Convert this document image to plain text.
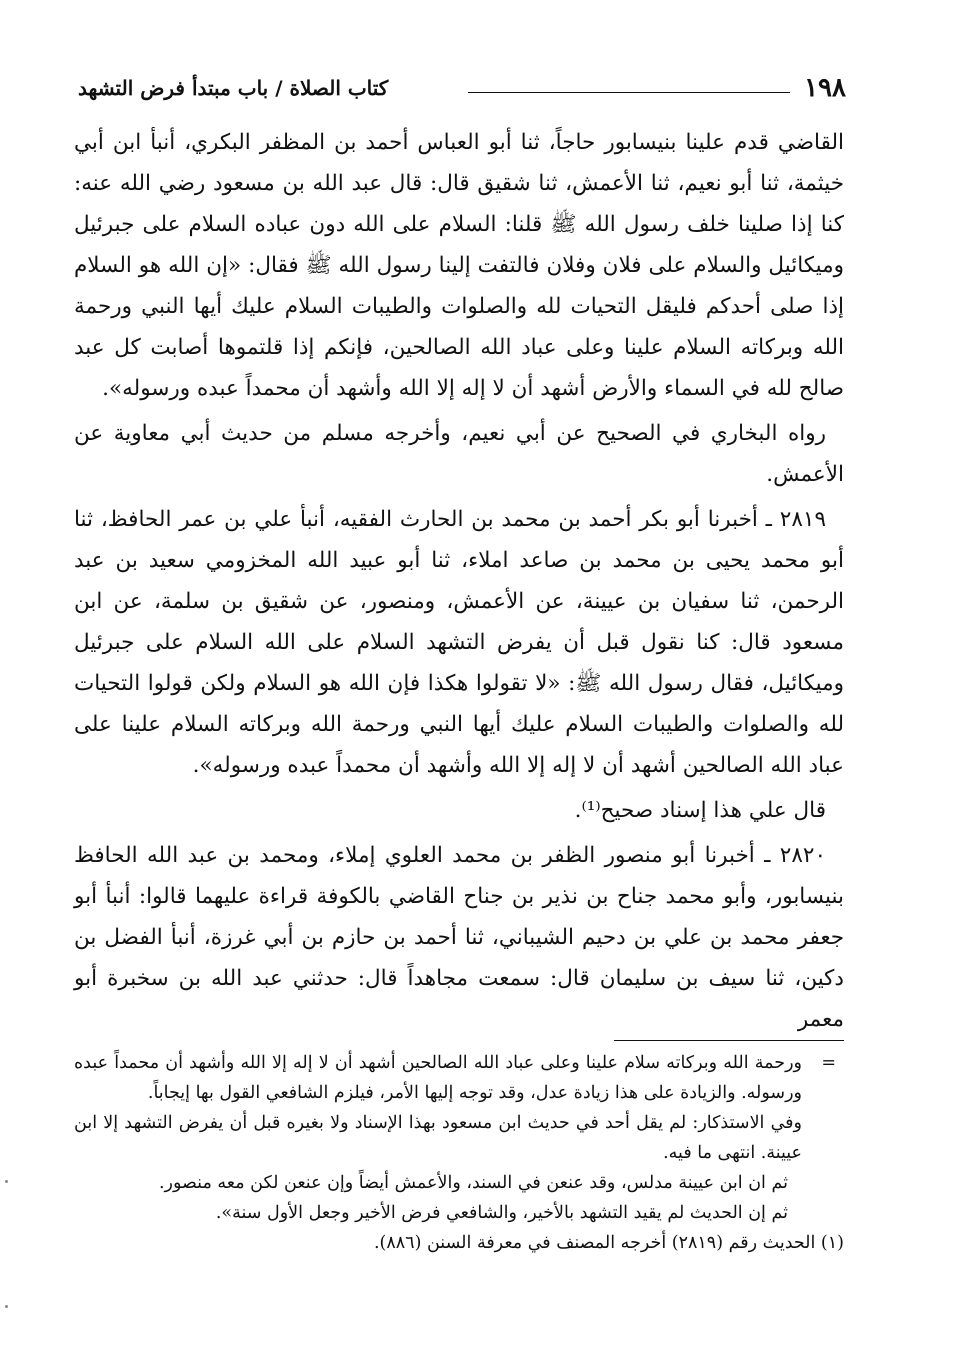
١٩٨
كتاب الصلاة / باب مبتدأ فرض التشهد

القاضي قدم علينا بنيسابور حاجاً، ثنا أبو العباس أحمد بن المظفر البكري، أنبأ ابن أبي خيثمة، ثنا أبو نعيم، ثنا الأعمش، ثنا شقيق قال: قال عبد الله بن مسعود رضي الله عنه: كنا إذا صلينا خلف رسول الله ﷺ قلنا: السلام على الله دون عباده السلام على جبرئيل وميكائيل والسلام على فلان وفلان فالتفت إلينا رسول الله ﷺ فقال: «إن الله هو السلام إذا صلى أحدكم فليقل التحيات لله والصلوات والطيبات السلام عليك أيها النبي ورحمة الله وبركاته السلام علينا وعلى عباد الله الصالحين، فإنكم إذا قلتموها أصابت كل عبد صالح لله في السماء والأرض أشهد أن لا إله إلا الله وأشهد أن محمداً عبده ورسوله».

رواه البخاري في الصحيح عن أبي نعيم، وأخرجه مسلم من حديث أبي معاوية عن الأعمش.

٢٨١٩ ـ أخبرنا أبو بكر أحمد بن محمد بن الحارث الفقيه، أنبأ علي بن عمر الحافظ، ثنا أبو محمد يحيى بن محمد بن صاعد املاء، ثنا أبو عبيد الله المخزومي سعيد بن عبد الرحمن، ثنا سفيان بن عيينة، عن الأعمش، ومنصور، عن شقيق بن سلمة، عن ابن مسعود قال: كنا نقول قبل أن يفرض التشهد السلام على الله السلام على جبرئيل وميكائيل، فقال رسول الله ﷺ: «لا تقولوا هكذا فإن الله هو السلام ولكن قولوا التحيات لله والصلوات والطيبات السلام عليك أيها النبي ورحمة الله وبركاته السلام علينا على عباد الله الصالحين أشهد أن لا إله إلا الله وأشهد أن محمداً عبده ورسوله».

قال علي هذا إسناد صحيح⁽¹⁾.

٢٨٢٠ ـ أخبرنا أبو منصور الظفر بن محمد العلوي إملاء، ومحمد بن عبد الله الحافظ بنيسابور، وأبو محمد جناح بن نذير بن جناح القاضي بالكوفة قراءة عليهما قالوا: أنبأ أبو جعفر محمد بن علي بن دحيم الشيباني، ثنا أحمد بن حازم بن أبي غرزة، أنبأ الفضل بن دكين، ثنا سيف بن سليمان قال: سمعت مجاهداً قال: حدثني عبد الله بن سخبرة أبو معمر

=
ورحمة الله وبركاته سلام علينا وعلى عباد الله الصالحين أشهد أن لا إله إلا الله وأشهد أن محمداً عبده ورسوله. والزيادة على هذا زيادة عدل، وقد توجه إليها الأمر، فيلزم الشافعي القول بها إيجاباً.

وفي الاستذكار: لم يقل أحد في حديث ابن مسعود بهذا الإسناد ولا بغيره قبل أن يفرض التشهد إلا ابن عيينة. انتهى ما فيه.

ثم ان ابن عيينة مدلس، وقد عنعن في السند، والأعمش أيضاً وإن عنعن لكن معه منصور.

ثم إن الحديث لم يقيد التشهد بالأخير، والشافعي فرض الأخير وجعل الأول سنة».

(١) الحديث رقم (٢٨١٩) أخرجه المصنف في معرفة السنن (٨٨٦).
